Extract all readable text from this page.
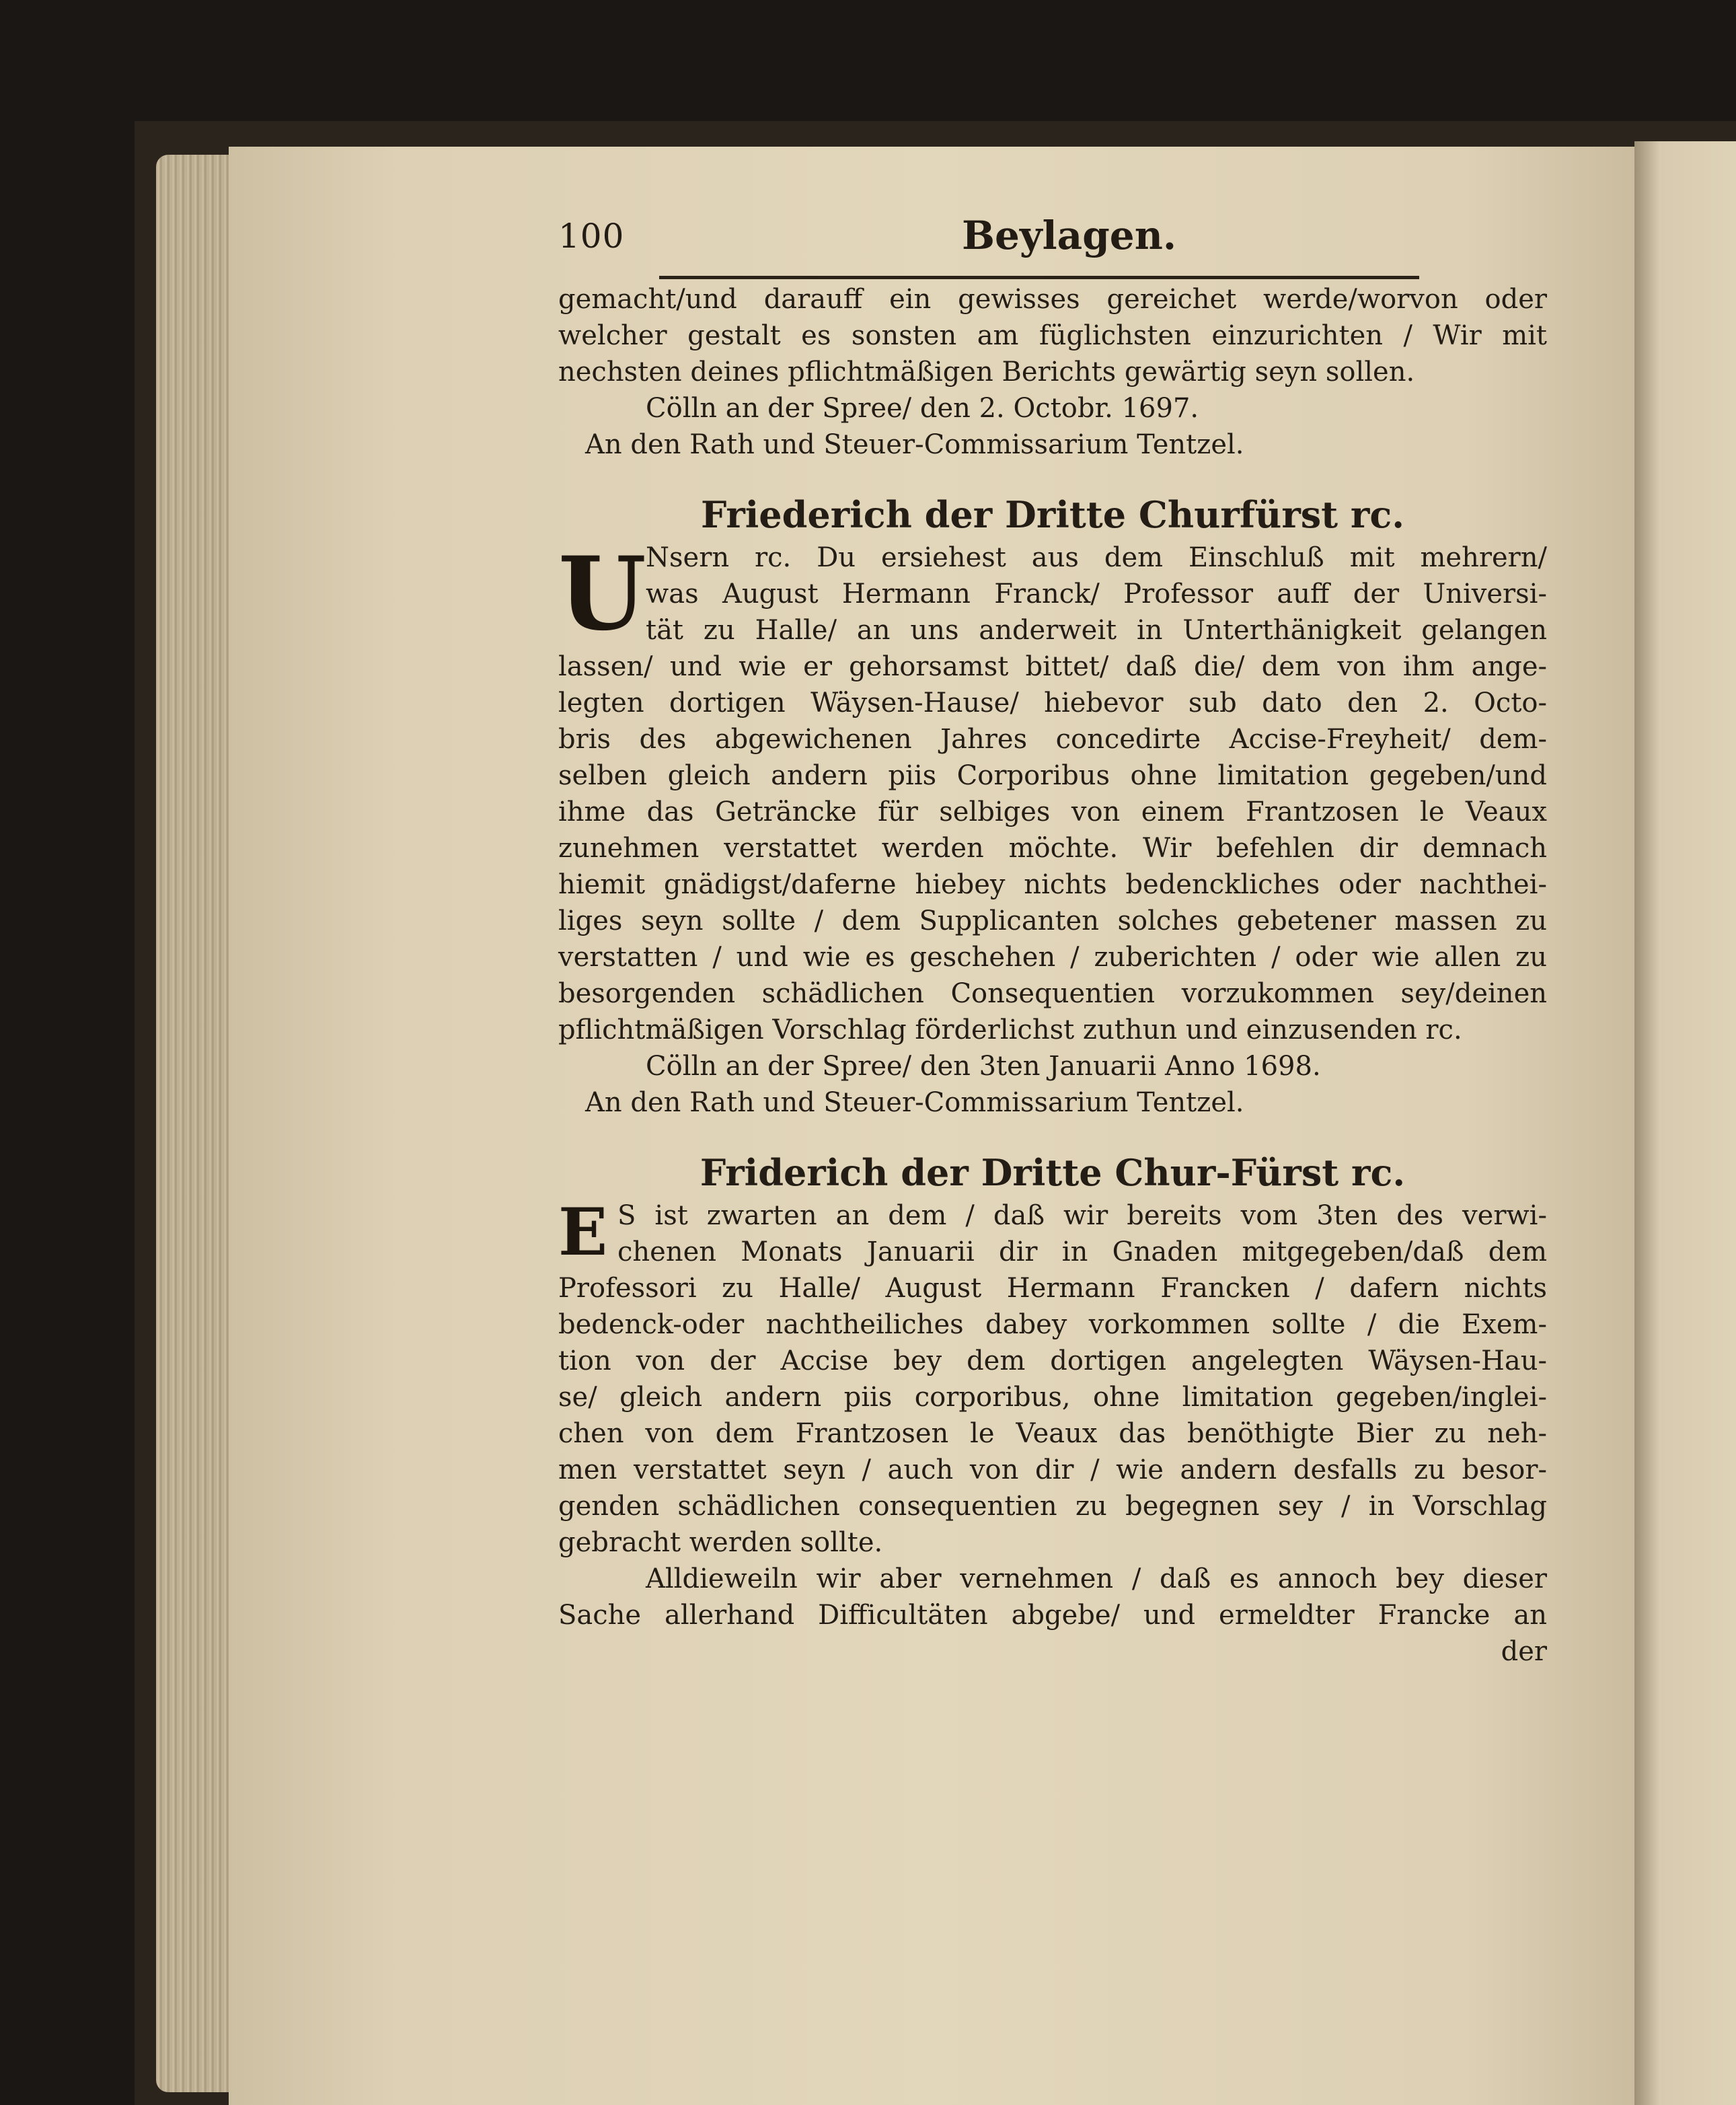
100	Beylagen.
gemacht/und darauff ein gewisses gereichet werde/worvon oder
welcher gestalt es sonsten am füglichsten einzurichten / Wir mit
nechsten deines pflichtmäßigen Berichts gewärtig seyn sollen.
Cölln an der Spree/ den 2. Octobr. 1697.
An den Rath und Steuer-Commissarium Tentzel.
Friederich der Dritte Churfürst rc.
U Nsern rc. Du ersiehest aus dem Einschluß mit mehrern/
was August Hermann Franck/ Professor auff der Universi-
tät zu Halle/ an uns anderweit in Unterthänigkeit gelangen
lassen/ und wie er gehorsamst bittet/ daß die/ dem von ihm ange-
legten dortigen Wäysen-Hause/ hiebevor sub dato den 2. Octo-
bris des abgewichenen Jahres concedirte Accise-Freyheit/ dem-
selben gleich andern piis Corporibus ohne limitation gegeben/und
ihme das Geträncke für selbiges von einem Frantzosen le Veaux
zunehmen verstattet werden möchte. Wir befehlen dir demnach
hiemit gnädigst/daferne hiebey nichts bedenckliches oder nachthei-
liges seyn sollte / dem Supplicanten solches gebetener massen zu
verstatten / und wie es geschehen / zuberichten / oder wie allen zu
besorgenden schädlichen Consequentien vorzukommen sey/deinen
pflichtmäßigen Vorschlag förderlichst zuthun und einzusenden rc.
Cölln an der Spree/ den 3ten Januarii Anno 1698.
An den Rath und Steuer-Commissarium Tentzel.
Friderich der Dritte Chur-Fürst rc.
E S ist zwarten an dem / daß wir bereits vom 3ten des verwi-
chenen Monats Januarii dir in Gnaden mitgegeben/daß dem
Professori zu Halle/ August Hermann Francken / dafern nichts
bedenck-oder nachtheiliches dabey vorkommen sollte / die Exem-
tion von der Accise bey dem dortigen angelegten Wäysen-Hau-
se/ gleich andern piis corporibus, ohne limitation gegeben/inglei-
chen von dem Frantzosen le Veaux das benöthigte Bier zu neh-
men verstattet seyn / auch von dir / wie andern desfalls zu besor-
genden schädlichen consequentien zu begegnen sey / in Vorschlag
gebracht werden sollte.
Alldieweiln wir aber vernehmen / daß es annoch bey dieser
Sache allerhand Difficultäten abgebe/ und ermeldter Francke an
der
